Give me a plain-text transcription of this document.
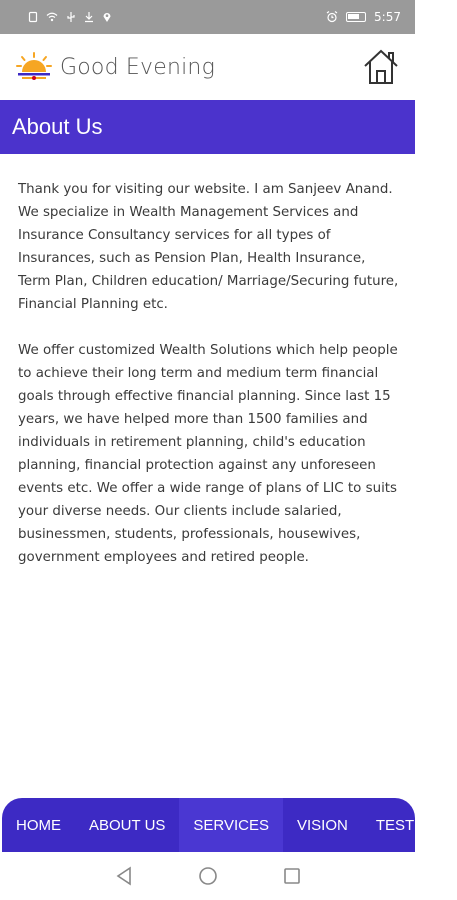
5:57
Good Evening
About Us

Thank you for visiting our website. I am Sanjeev Anand. We specialize in Wealth Management Services and Insurance Consultancy services for all types of Insurances, such as Pension Plan, Health Insurance, Term Plan, Children education/ Marriage/Securing future, Financial Planning etc.

We offer customized Wealth Solutions which help people to achieve their long term and medium term financial goals through effective financial planning. Since last 15 years, we have helped more than 1500 families and individuals in retirement planning, child's education planning, financial protection against any unforeseen events etc. We offer a wide range of plans of LIC to suits your diverse needs. Our clients include salaried, businessmen, students, professionals, housewives, government employees and retired people.

HOME	ABOUT US	SERVICES	VISION	TESTIMO
